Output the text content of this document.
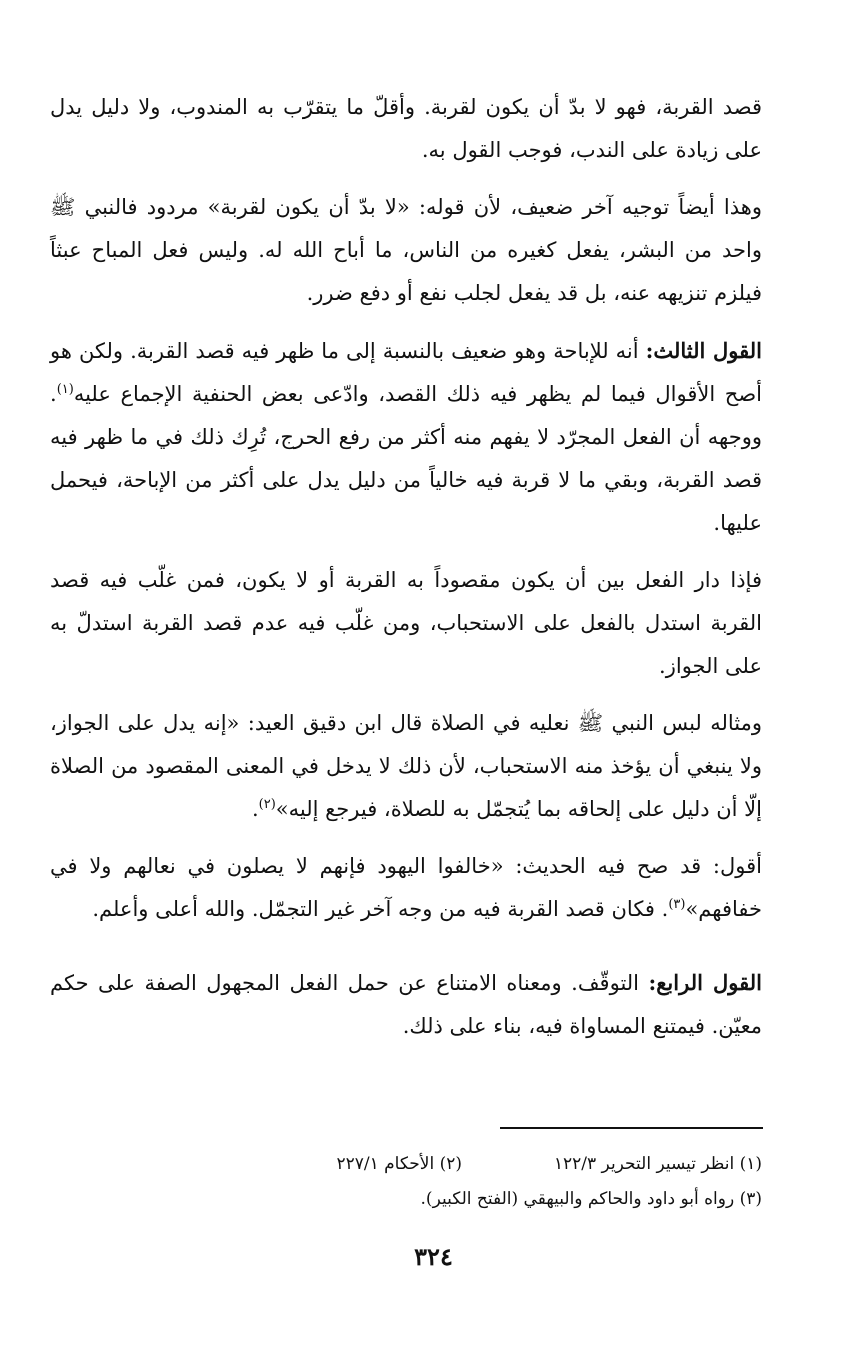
قصد القربة، فهو لا بدّ أن يكون لقربة. وأقلّ ما يتقرّب به المندوب، ولا دليل يدل على زيادة على الندب، فوجب القول به.

وهذا أيضاً توجيه آخر ضعيف، لأن قوله: «لا بدّ أن يكون لقربة» مردود فالنبي ﷺ واحد من البشر، يفعل كغيره من الناس، ما أباح الله له. وليس فعل المباح عبثاً فيلزم تنزيهه عنه، بل قد يفعل لجلب نفع أو دفع ضرر.

القول الثالث: أنه للإباحة وهو ضعيف بالنسبة إلى ما ظهر فيه قصد القربة. ولكن هو أصح الأقوال فيما لم يظهر فيه ذلك القصد، وادّعى بعض الحنفية الإجماع عليه$^{(١)}$. ووجهه أن الفعل المجرّد لا يفهم منه أكثر من رفع الحرج، تُرِك ذلك في ما ظهر فيه قصد القربة، وبقي ما لا قربة فيه خالياً من دليل يدل على أكثر من الإباحة، فيحمل عليها.

فإذا دار الفعل بين أن يكون مقصوداً به القربة أو لا يكون، فمن غلّب فيه قصد القربة استدل بالفعل على الاستحباب، ومن غلّب فيه عدم قصد القربة استدلّ به على الجواز.

ومثاله لبس النبي ﷺ نعليه في الصلاة قال ابن دقيق العيد: «إنه يدل على الجواز، ولا ينبغي أن يؤخذ منه الاستحباب، لأن ذلك لا يدخل في المعنى المقصود من الصلاة إلّا أن دليل على إلحاقه بما يُتجمّل به للصلاة، فيرجع إليه»$^{(٢)}$.

أقول: قد صح فيه الحديث: «خالفوا اليهود فإنهم لا يصلون في نعالهم ولا في خفافهم»$^{(٣)}$. فكان قصد القربة فيه من وجه آخر غير التجمّل. والله أعلى وأعلم.

القول الرابع: التوقّف. ومعناه الامتناع عن حمل الفعل المجهول الصفة على حكم معيّن. فيمتنع المساواة فيه، بناء على ذلك.

(١) انظر تيسير التحرير ١٢٢/٣
(٢) الأحكام ٢٢٧/١
(٣) رواه أبو داود والحاكم والبيهقي (الفتح الكبير).
٣٢٤
